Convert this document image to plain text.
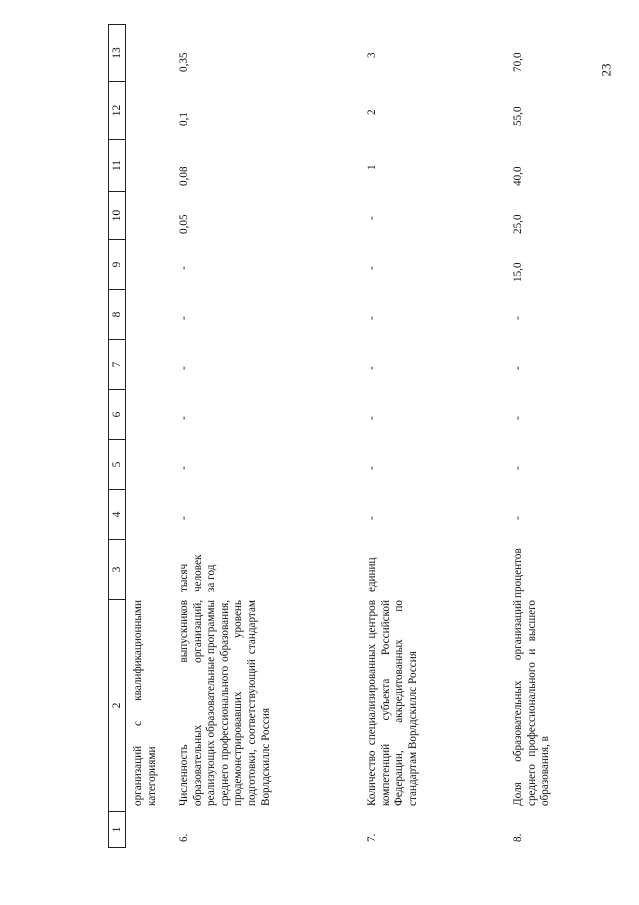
23
1
2
3
4
5
6
7
8
9
10
11
12
13
организаций с квалификационными категориями
6.
Численность выпускников образовательных организаций, реализующих образовательные программы среднего профессионального образования, продемонстрировавших уровень подготовки, соответствующий стандартам Ворлдскиллс Россия
тысяч человек за год
-
-
-
-
-
-
0,05
0,08
0,1
0,35
7.
Количество специализированных центров компетенций субъекта Российской Федерации, аккредитованных по стандартам Ворлдскиллс Россия
единиц
-
-
-
-
-
-
-
1
2
3
8.
Доля образовательных организаций среднего профессионального и высшего образования, в
процентов
-
-
-
-
-
15,0
25,0
40,0
55,0
70,0
